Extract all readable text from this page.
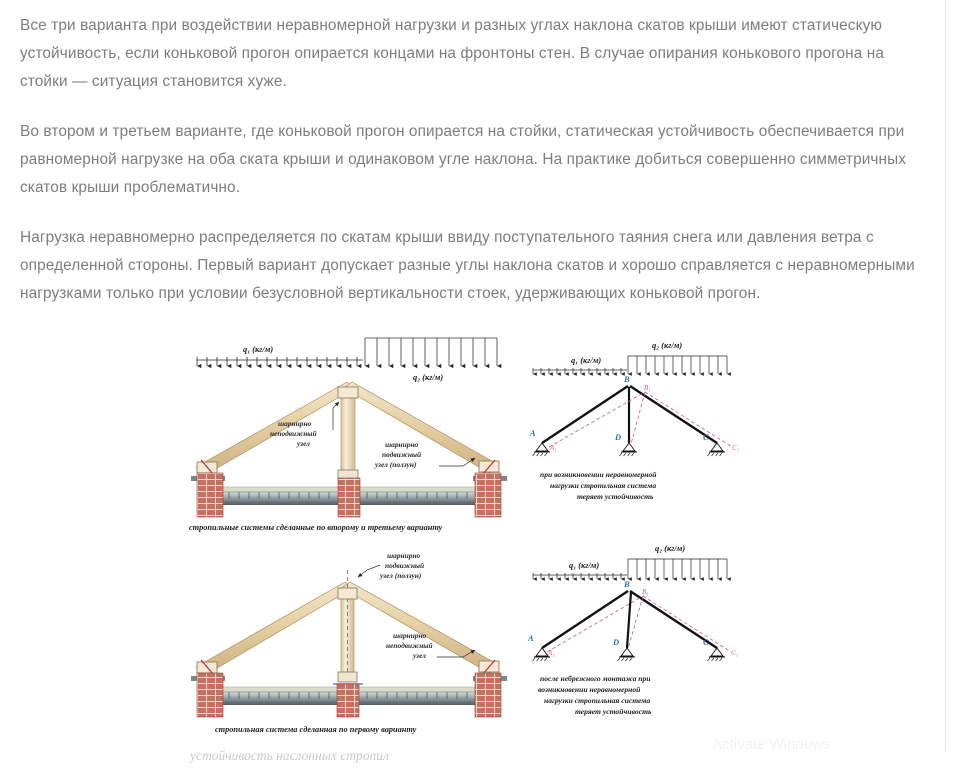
Все три варианта при воздействии неравномерной нагрузки и разных углах наклона скатов крыши имеют статическую устойчивость, если коньковой прогон опирается концами на фронтоны стен. В случае опирания конькового прогона на стойки — ситуация становится хуже.

Во втором и третьем варианте, где коньковой прогон опирается на стойки, статическая устойчивость обеспечивается при равномерной нагрузке на оба ската крыши и одинаковом угле наклона. На практике добиться совершенно симметричных скатов крыши проблематично.

Нагрузка неравномерно распределяется по скатам крыши ввиду поступательного таяния снега или давления ветра с определенной стороны. Первый вариант допускает разные углы наклона скатов и хорошо справляется с неравномерными нагрузками только при условии безусловной вертикальности стоек, удерживающих коньковой прогон.

q₁ (кг/м)
q₂ (кг/м)
шарнирно
неподвижный
узел	шарнирно
подвижный
узел (ползун)
стропильные системы сделанные по второму и третьему варианту
q₁ (кг/м)
q₂ (кг/м)
A
B
C
D
A₁
B₁
C₁
при возникновении неравномерной
нагрузки стропильная система
теряет устойчивость
шарнирно
подвижный
узел (ползун)
шарнирно
неподвижный
узел
стропильная система сделанная по первому варианту
q₁ (кг/м)
q₂ (кг/м)
A
B
C
D
A₁
B₁
C₁
после небрежного монтажа при
возникновении неравномерной
нагрузки стропильная система
теряет устойчивость
устойчивость наслонных стропил
Activate Windows
